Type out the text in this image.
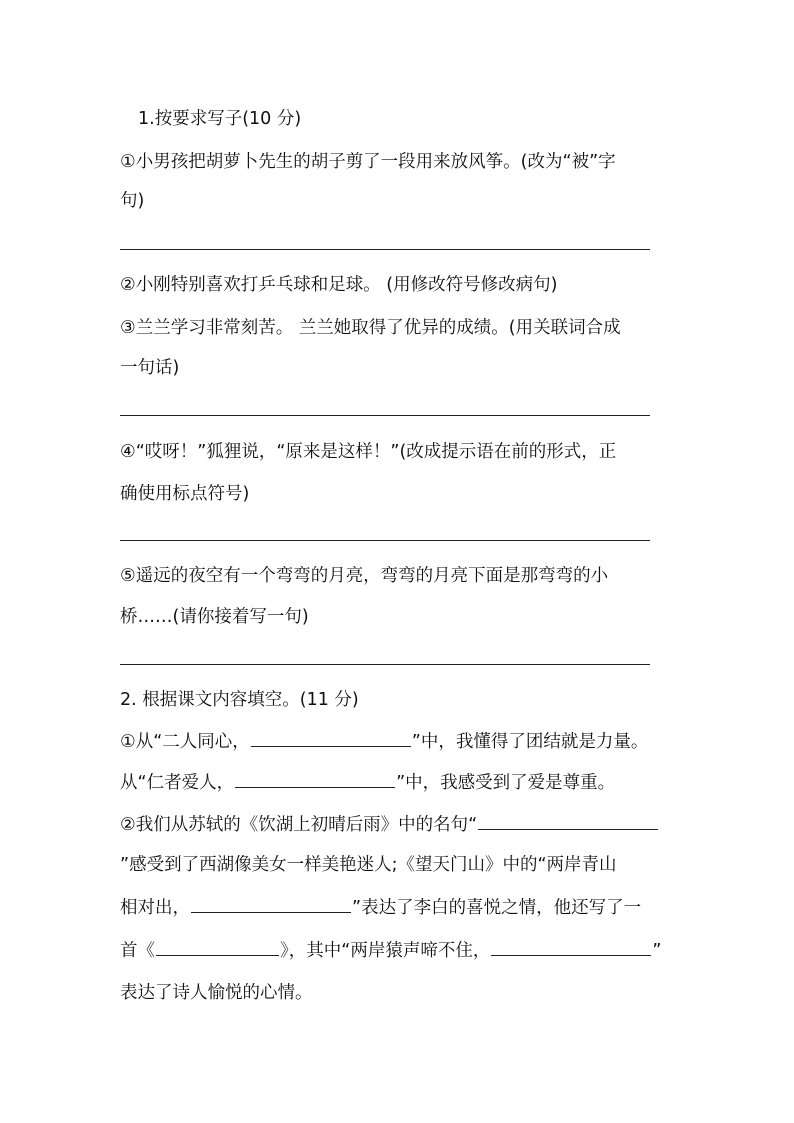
1.按要求写子(10 分)
①小男孩把胡萝卜先生的胡子剪了一段用来放风筝。(改为“被”字
句)
②小刚特别喜欢打乒乓球和足球。 (用修改符号修改病句)
③兰兰学习非常刻苦。 兰兰她取得了优异的成绩。(用关联词合成
一句话)
④“哎呀！”狐狸说，“原来是这样！”(改成提示语在前的形式，正
确使用标点符号)
⑤遥远的夜空有一个弯弯的月亮，弯弯的月亮下面是那弯弯的小
桥……(请你接着写一句)
2. 根据课文内容填空。(11 分)
①从“二人同心，	”中，我懂得了团结就是力量。
从“仁者爱人，	”中，我感受到了爱是尊重。
②我们从苏轼的《饮湖上初晴后雨》中的名句“
”感受到了西湖像美女一样美艳迷人;《望天门山》中的“两岸青山
相对出，	”表达了李白的喜悦之情，他还写了一
首《	》，其中“两岸猿声啼不住，	”
表达了诗人愉悦的心情。
